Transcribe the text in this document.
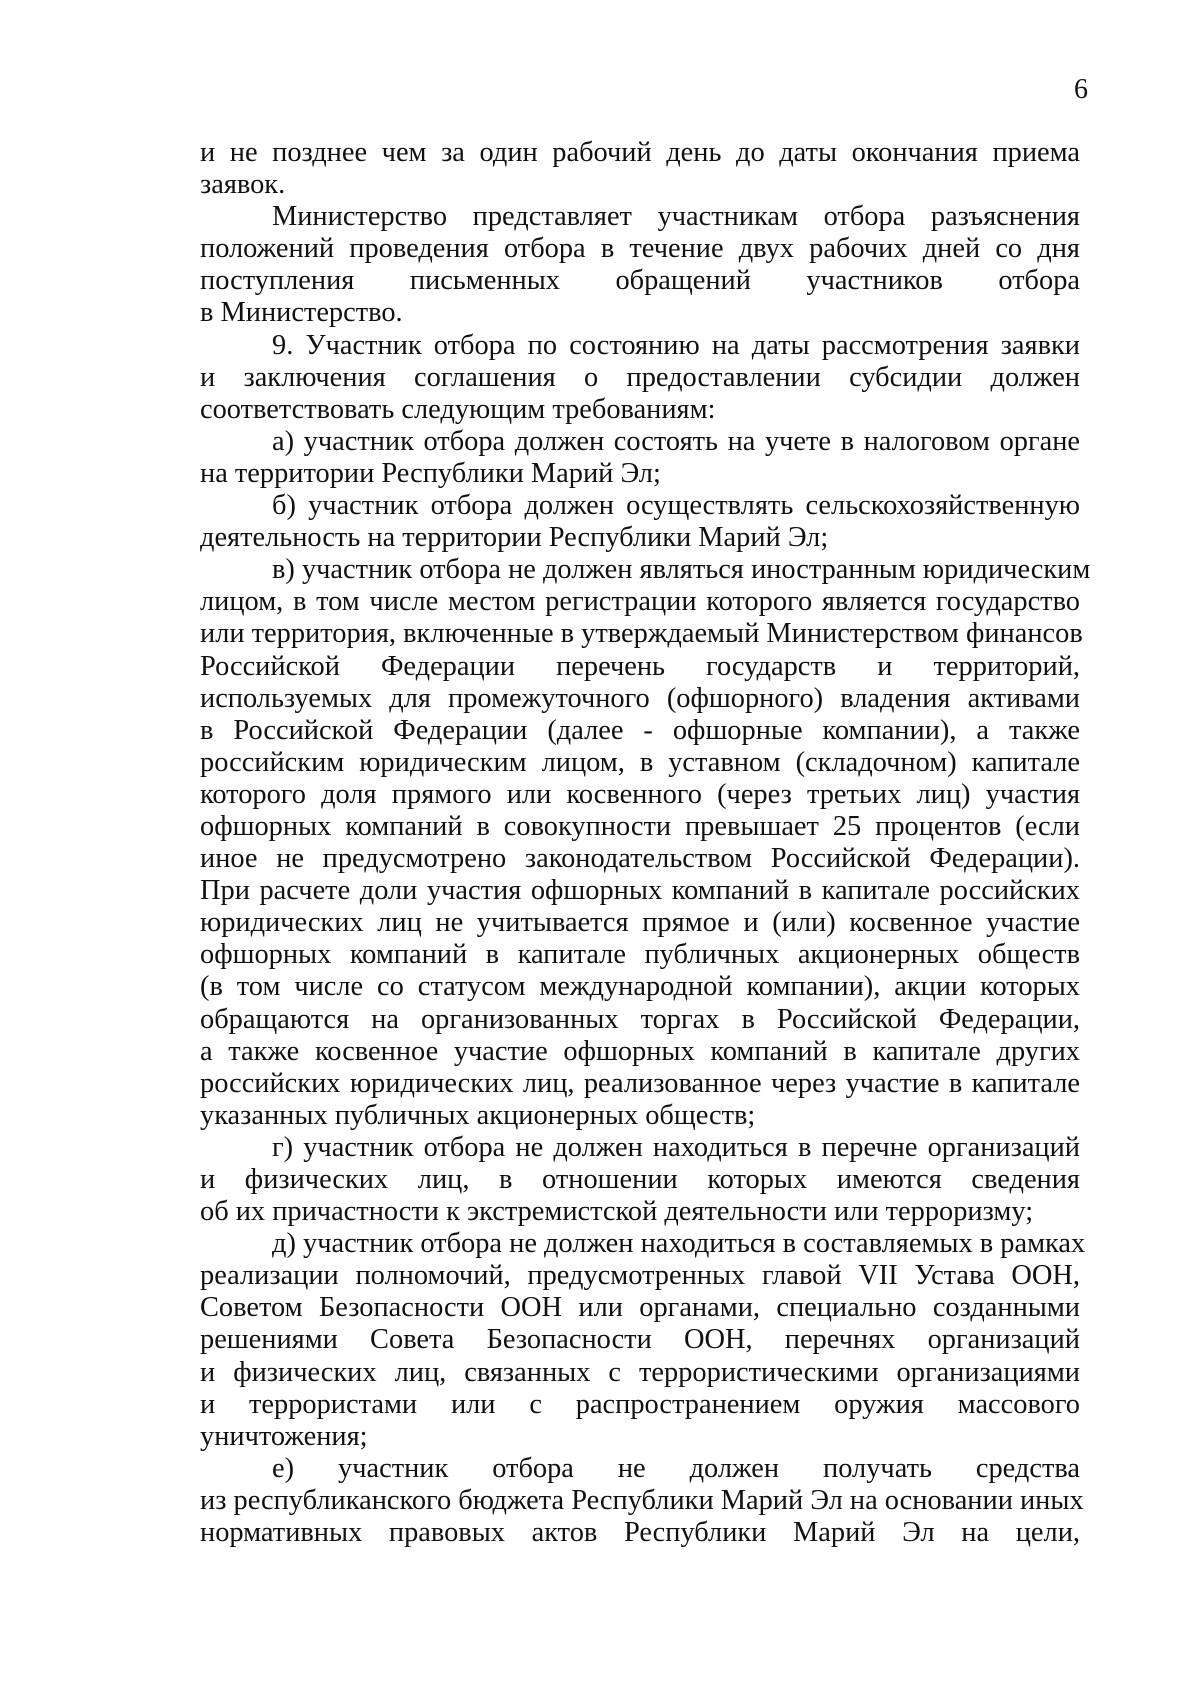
6
и не позднее чем за один рабочий день до даты окончания приема
заявок.
Министерство представляет участникам отбора разъяснения
положений проведения отбора в течение двух рабочих дней со дня
поступления письменных обращений участников отбора
в Министерство.
9. Участник отбора по состоянию на даты рассмотрения заявки
и заключения соглашения о предоставлении субсидии должен
соответствовать следующим требованиям:
а) участник отбора должен состоять на учете в налоговом органе
на территории Республики Марий Эл;
б) участник отбора должен осуществлять сельскохозяйственную
деятельность на территории Республики Марий Эл;
в) участник отбора не должен являться иностранным юридическим
лицом, в том числе местом регистрации которого является государство
или территория, включенные в утверждаемый Министерством финансов
Российской Федерации перечень государств и территорий,
используемых для промежуточного (офшорного) владения активами
в Российской Федерации (далее - офшорные компании), а также
российским юридическим лицом, в уставном (складочном) капитале
которого доля прямого или косвенного (через третьих лиц) участия
офшорных компаний в совокупности превышает 25 процентов (если
иное не предусмотрено законодательством Российской Федерации).
При расчете доли участия офшорных компаний в капитале российских
юридических лиц не учитывается прямое и (или) косвенное участие
офшорных компаний в капитале публичных акционерных обществ
(в том числе со статусом международной компании), акции которых
обращаются на организованных торгах в Российской Федерации,
а также косвенное участие офшорных компаний в капитале других
российских юридических лиц, реализованное через участие в капитале
указанных публичных акционерных обществ;
г) участник отбора не должен находиться в перечне организаций
и физических лиц, в отношении которых имеются сведения
об их причастности к экстремистской деятельности или терроризму;
д) участник отбора не должен находиться в составляемых в рамках
реализации полномочий, предусмотренных главой VII Устава ООН,
Советом Безопасности ООН или органами, специально созданными
решениями Совета Безопасности ООН, перечнях организаций
и физических лиц, связанных с террористическими организациями
и террористами или с распространением оружия массового
уничтожения;
е) участник отбора не должен получать средства
из республиканского бюджета Республики Марий Эл на основании иных
нормативных правовых актов Республики Марий Эл на цели,
